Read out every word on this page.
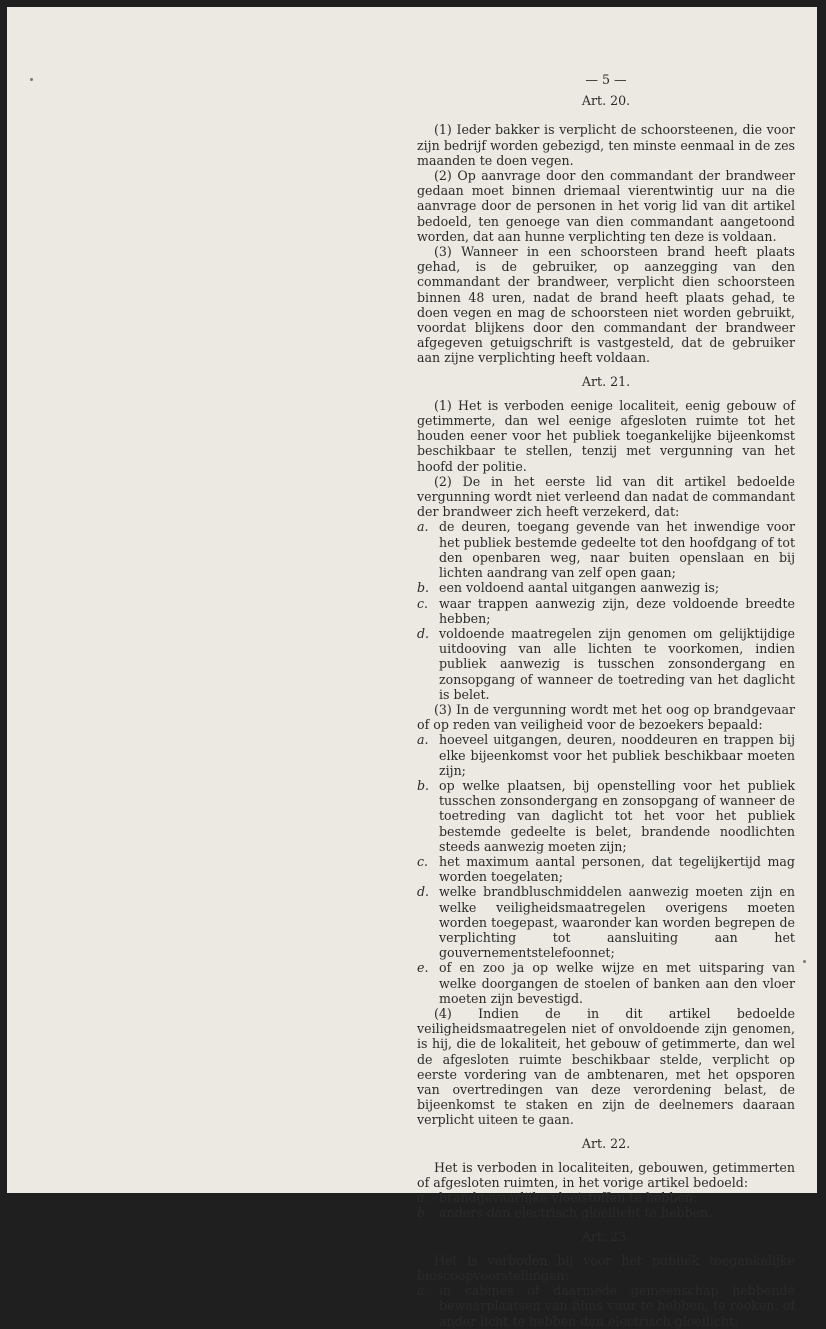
— 5 —
Art. 20.

(1) Ieder bakker is verplicht de schoorsteenen, die voor zijn bedrijf worden gebezigd, ten minste eenmaal in de zes maanden te doen vegen.

(2) Op aanvrage door den commandant der brandweer gedaan moet binnen driemaal vierentwintig uur na die aanvrage door de personen in het vorig lid van dit artikel bedoeld, ten genoege van dien commandant aangetoond worden, dat aan hunne verplichting ten deze is voldaan.

(3) Wanneer in een schoorsteen brand heeft plaats gehad, is de gebruiker, op aanzegging van den commandant der brandweer, verplicht dien schoorsteen binnen 48 uren, nadat de brand heeft plaats gehad, te doen vegen en mag de schoorsteen niet worden gebruikt, voordat blijkens door den commandant der brandweer afgegeven getuigschrift is vastgesteld, dat de gebruiker aan zijne verplichting heeft voldaan.

Art. 21.

(1) Het is verboden eenige localiteit, eenig gebouw of getimmerte, dan wel eenige afgesloten ruimte tot het houden eener voor het publiek toegankelijke bijeenkomst beschikbaar te stellen, tenzij met vergunning van het hoofd der politie.

(2) De in het eerste lid van dit artikel bedoelde vergunning wordt niet verleend dan nadat de commandant der brandweer zich heeft verzekerd, dat:

a. de deuren, toegang gevende van het inwendige voor het publiek bestemde gedeelte tot den hoofdgang of tot den openbaren weg, naar buiten openslaan en bij lichten aandrang van zelf open gaan;
b. een voldoend aantal uitgangen aanwezig is;
c. waar trappen aanwezig zijn, deze voldoende breedte hebben;
d. voldoende maatregelen zijn genomen om gelijktijdige uitdooving van alle lichten te voorkomen, indien publiek aanwezig is tusschen zonsondergang en zonsopgang of wanneer de toetreding van het daglicht is belet.

(3) In de vergunning wordt met het oog op brandgevaar of op reden van veiligheid voor de bezoekers bepaald:

a. hoeveel uitgangen, deuren, nooddeuren en trappen bij elke bijeenkomst voor het publiek beschikbaar moeten zijn;
b. op welke plaatsen, bij openstelling voor het publiek tusschen zonsondergang en zonsopgang of wanneer de toetreding van daglicht tot het voor het publiek bestemde gedeelte is belet, brandende noodlichten steeds aanwezig moeten zijn;
c. het maximum aantal personen, dat tegelijkertijd mag worden toegelaten;
d. welke brandbluschmiddelen aanwezig moeten zijn en welke veiligheidsmaatregelen overigens moeten worden toegepast, waaronder kan worden begrepen de verplichting tot aansluiting aan het gouvernementstelefoonnet;
e. of en zoo ja op welke wijze en met uitsparing van welke doorgangen de stoelen of banken aan den vloer moeten zijn bevestigd.

(4) Indien de in dit artikel bedoelde veiligheidsmaatregelen niet of onvoldoende zijn genomen, is hij, die de lokaliteit, het gebouw of getimmerte, dan wel de afgesloten ruimte beschikbaar stelde, verplicht op eerste vordering van de ambtenaren, met het opsporen van overtredingen van deze verordening belast, de bijeenkomst te staken en zijn de deelnemers daaraan verplicht uiteen te gaan.

Art. 22.

Het is verboden in localiteiten, gebouwen, getimmerten of afgesloten ruimten, in het vorige artikel bedoeld:

a. brandgevaarlijke vloeistoffen te hebben;
b. anders dan electrisch gloeilicht te hebben.
Art. 23.

Het is verboden bij voor het publiek toegankelijke bioscoopvoorstellingen:

a. in cabines of daarmede gemeenschap hebbende bewaarplaatsen van films vuur te hebben, te rooken, of ander licht te hebben dan electrisch gloeilicht;
